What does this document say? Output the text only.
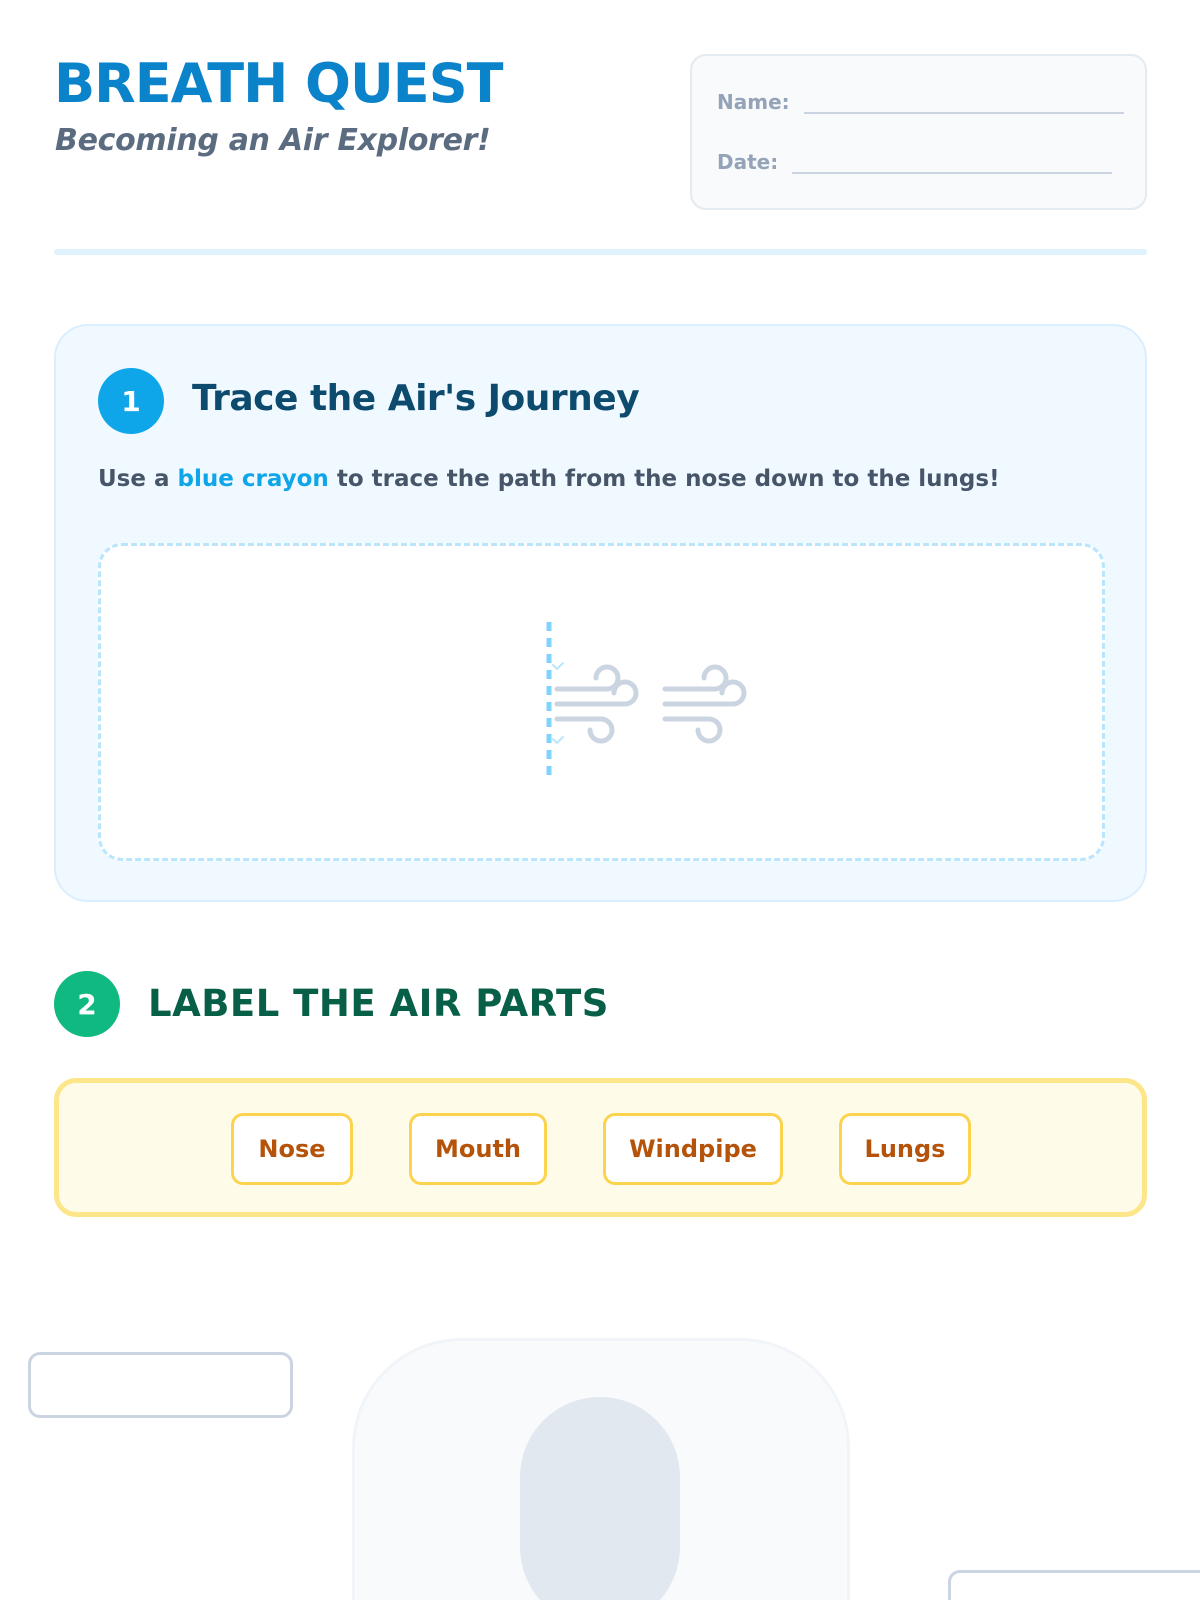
BREATH QUEST
Becoming an Air Explorer!
Name:
Date:
1	Trace the Air's Journey
Use a blue crayon to trace the path from the nose down to the lungs!
2	LABEL THE AIR PARTS
Nose	Mouth	Windpipe	Lungs
